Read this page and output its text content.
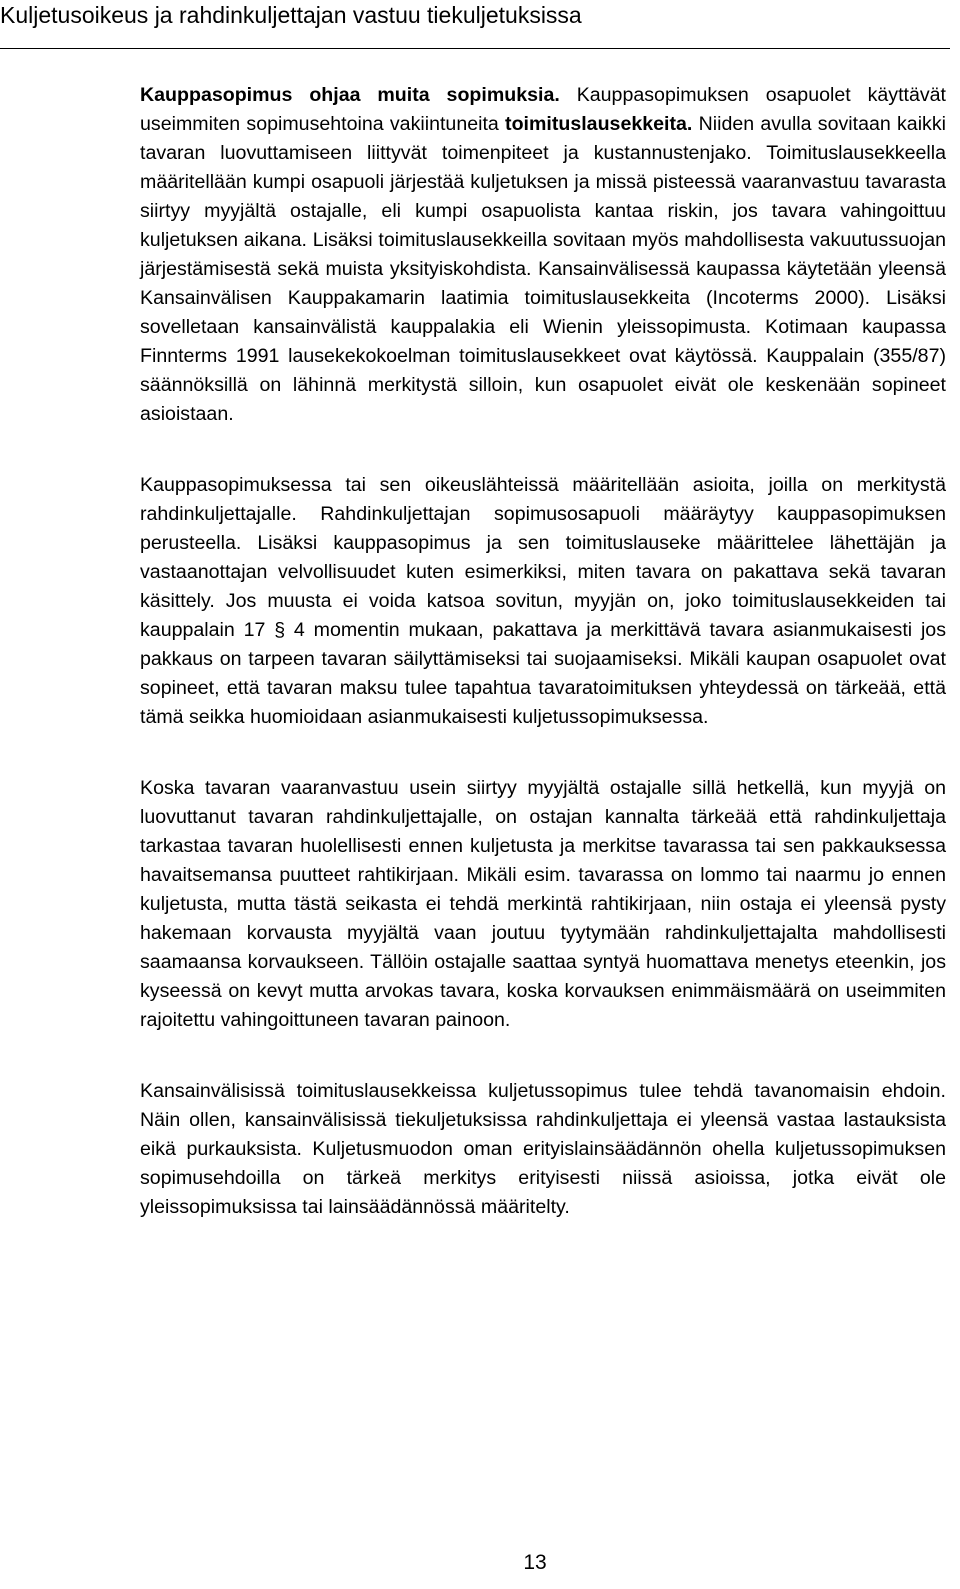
Kuljetusoikeus ja rahdinkuljettajan vastuu tiekuljetuksissa

Kauppasopimus ohjaa muita sopimuksia. Kauppasopimuksen osapuolet käyttävät useimmiten sopimusehtoina vakiintuneita toimituslausekkeita. Niiden avulla sovitaan kaikki tavaran luovuttamiseen liittyvät toimenpiteet ja kustannustenjako. Toimituslausekkeella määritellään kumpi osapuoli järjestää kuljetuksen ja missä pisteessä vaaranvastuu tavarasta siirtyy myyjältä ostajalle, eli kumpi osapuolista kantaa riskin, jos tavara vahingoittuu kuljetuksen aikana. Lisäksi toimituslausekkeilla sovitaan myös mahdollisesta vakuutussuojan järjestämisestä sekä muista yksityiskohdista. Kansainvälisessä kaupassa käytetään yleensä Kansainvälisen Kauppakamarin laatimia toimituslausekkeita (Incoterms 2000). Lisäksi sovelletaan kansainvälistä kauppalakia eli Wienin yleissopimusta. Kotimaan kaupassa Finnterms 1991 lausekekokoelman toimituslausekkeet ovat käytössä. Kauppalain (355/87) säännöksillä on lähinnä merkitystä silloin, kun osapuolet eivät ole keskenään sopineet asioistaan.

Kauppasopimuksessa tai sen oikeuslähteissä määritellään asioita, joilla on merkitystä rahdinkuljettajalle. Rahdinkuljettajan sopimusosapuoli määräytyy kauppasopimuksen perusteella. Lisäksi kauppasopimus ja sen toimituslauseke määrittelee lähettäjän ja vastaanottajan velvollisuudet kuten esimerkiksi, miten tavara on pakattava sekä tavaran käsittely. Jos muusta ei voida katsoa sovitun, myyjän on, joko toimituslausekkeiden tai kauppalain 17 § 4 momentin mukaan, pakattava ja merkittävä tavara asianmukaisesti jos pakkaus on tarpeen tavaran säilyttämiseksi tai suojaamiseksi. Mikäli kaupan osapuolet ovat sopineet, että tavaran maksu tulee tapahtua tavaratoimituksen yhteydessä on tärkeää, että tämä seikka huomioidaan asianmukaisesti kuljetussopimuksessa.

Koska tavaran vaaranvastuu usein siirtyy myyjältä ostajalle sillä hetkellä, kun myyjä on luovuttanut tavaran rahdinkuljettajalle, on ostajan kannalta tärkeää että rahdinkuljettaja tarkastaa tavaran huolellisesti ennen kuljetusta ja merkitse tavarassa tai sen pakkauksessa havaitsemansa puutteet rahtikirjaan. Mikäli esim. tavarassa on lommo tai naarmu jo ennen kuljetusta, mutta tästä seikasta ei tehdä merkintä rahtikirjaan, niin ostaja ei yleensä pysty hakemaan korvausta myyjältä vaan joutuu tyytymään rahdinkuljettajalta mahdollisesti saamaansa korvaukseen. Tällöin ostajalle saattaa syntyä huomattava menetys eteenkin, jos kyseessä on kevyt mutta arvokas tavara, koska korvauksen enimmäismäärä on useimmiten rajoitettu vahingoittuneen tavaran painoon.

Kansainvälisissä toimituslausekkeissa kuljetussopimus tulee tehdä tavanomaisin ehdoin. Näin ollen, kansainvälisissä tiekuljetuksissa rahdinkuljettaja ei yleensä vastaa lastauksista eikä purkauksista. Kuljetusmuodon oman erityislainsäädännön ohella kuljetussopimuksen sopimusehdoilla on tärkeä merkitys erityisesti niissä asioissa, jotka eivät ole yleissopimuksissa tai lainsäädännössä määritelty.

13
